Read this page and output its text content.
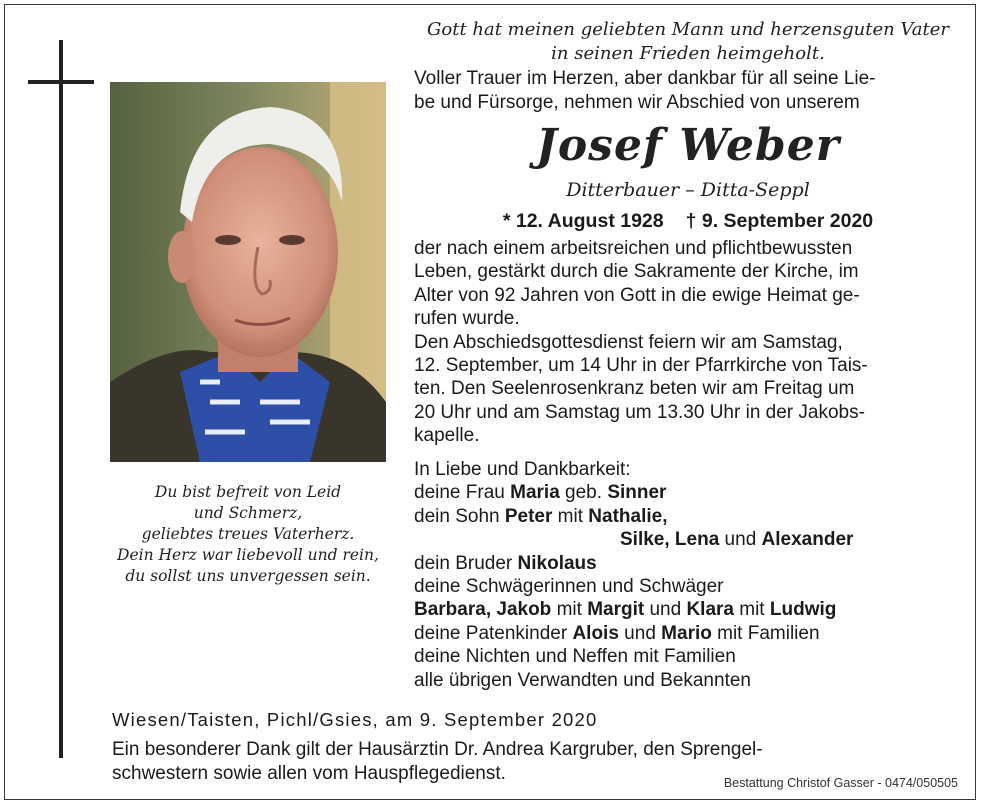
Du bist befreit von Leid
und Schmerz,
geliebtes treues Vaterherz.
Dein Herz war liebevoll und rein,
du sollst uns unvergessen sein.
Gott hat meinen geliebten Mann und herzensguten Vater
in seinen Frieden heimgeholt.
Voller Trauer im Herzen, aber dankbar für all seine Lie-
be und Fürsorge, nehmen wir Abschied von unserem
Josef Weber
Ditterbauer – Ditta-Seppl
* 12. August 1928 † 9. September 2020
der nach einem arbeitsreichen und pflichtbewussten
Leben, gestärkt durch die Sakramente der Kirche, im
Alter von 92 Jahren von Gott in die ewige Heimat ge-
rufen wurde.
Den Abschiedsgottesdienst feiern wir am Samstag,
12. September, um 14 Uhr in der Pfarrkirche von Tais-
ten. Den Seelenrosenkranz beten wir am Freitag um
20 Uhr und am Samstag um 13.30 Uhr in der Jakobs-
kapelle.
In Liebe und Dankbarkeit:
deine Frau Maria geb. Sinner
dein Sohn Peter mit Nathalie,
Silke, Lena und Alexander
dein Bruder Nikolaus
deine Schwägerinnen und Schwäger
Barbara, Jakob mit Margit und Klara mit Ludwig
deine Patenkinder Alois und Mario mit Familien
deine Nichten und Neffen mit Familien
alle übrigen Verwandten und Bekannten
Wiesen/Taisten, Pichl/Gsies, am 9. September 2020
Ein besonderer Dank gilt der Hausärztin Dr. Andrea Kargruber, den Sprengel-
schwestern sowie allen vom Hauspflegedienst.	Bestattung Christof Gasser - 0474/050505
